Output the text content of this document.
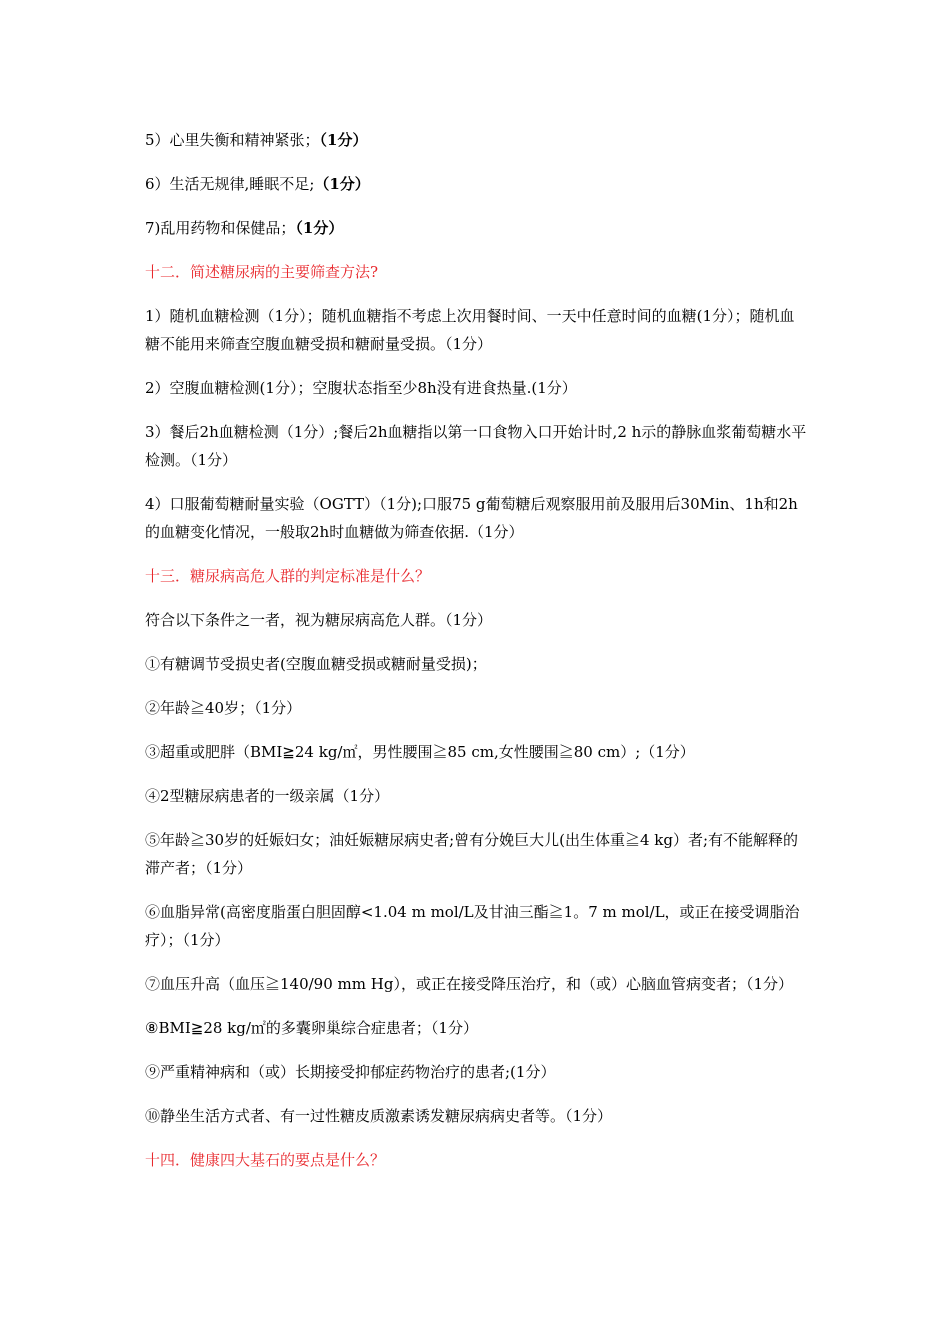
5）心里失衡和精神紧张；（1分）

6）生活无规律,睡眠不足;（1分）

7)乱用药物和保健品；（1分）

十二．简述糖尿病的主要筛查方法?

1）随机血糖检测（1分）；随机血糖指不考虑上次用餐时间、一天中任意时间的血糖(1分）；随机血糖不能用来筛查空腹血糖受损和糖耐量受损。（1分）

2）空腹血糖检测(1分）；空腹状态指至少8h没有进食热量.(1分）

3）餐后2h血糖检测（1分）;餐后2h血糖指以第一口食物入口开始计时,2 h示的静脉血浆葡萄糖水平检测。（1分）

4）口服葡萄糖耐量实验（OGTT）（1分);口服75 g葡萄糖后观察服用前及服用后30Min、1h和2h的血糖变化情况，一般取2h时血糖做为筛查依据.（1分）

十三．糖尿病高危人群的判定标准是什么？

符合以下条件之一者，视为糖尿病高危人群。（1分）

①有糖调节受损史者(空腹血糖受损或糖耐量受损)；

②年龄≧40岁；（1分）

③超重或肥胖（BMI≧24 kg/㎡，男性腰围≧85 cm,女性腰围≧80 cm）;（1分）

④2型糖尿病患者的一级亲属（1分）

⑤年龄≧30岁的妊娠妇女；油妊娠糖尿病史者;曾有分娩巨大儿(出生体重≧4 kg）者;有不能解释的滞产者；（1分）

⑥血脂异常(高密度脂蛋白胆固醇<1.04 m mol/L及甘油三酯≧1。7 m mol/L，或正在接受调脂治疗）；（1分）

⑦血压升高（血压≧140/90 mm Hg），或正在接受降压治疗，和（或）心脑血管病变者；（1分）

⑧BMI≧28 kg/㎡的多囊卵巢综合症患者；（1分）

⑨严重精神病和（或）长期接受抑郁症药物治疗的患者;(1分）

⑩静坐生活方式者、有一过性糖皮质激素诱发糖尿病病史者等。（1分）

十四．健康四大基石的要点是什么？
